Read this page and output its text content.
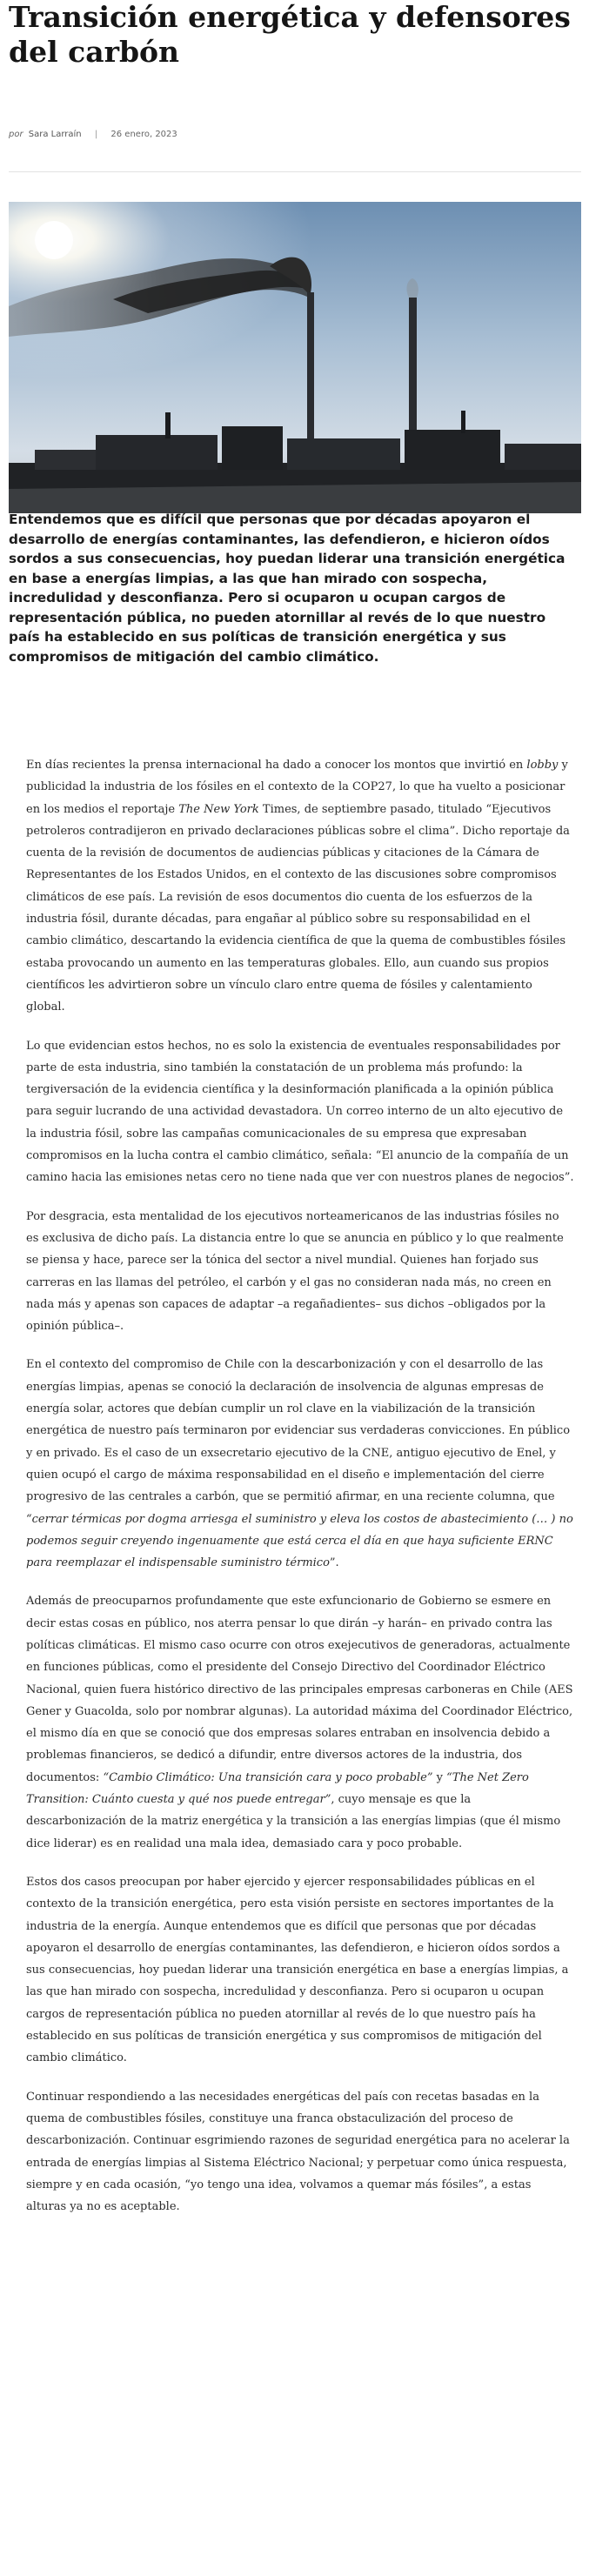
Transición energética y defensores del carbón
por Sara Larraín | 26 enero, 2023

Entendemos que es difícil que personas que por décadas apoyaron el desarrollo de energías contaminantes, las defendieron, e hicieron oídos sordos a sus consecuencias, hoy puedan liderar una transición energética en base a energías limpias, a las que han mirado con sospecha, incredulidad y desconfianza. Pero si ocuparon u ocupan cargos de representación pública, no pueden atornillar al revés de lo que nuestro país ha establecido en sus políticas de transición energética y sus compromisos de mitigación del cambio climático.

En días recientes la prensa internacional ha dado a conocer los montos que invirtió en lobby y publicidad la industria de los fósiles en el contexto de la COP27, lo que ha vuelto a posicionar en los medios el reportaje The New York Times, de septiembre pasado, titulado “Ejecutivos petroleros contradijeron en privado declaraciones públicas sobre el clima”. Dicho reportaje da cuenta de la revisión de documentos de audiencias públicas y citaciones de la Cámara de Representantes de los Estados Unidos, en el contexto de las discusiones sobre compromisos climáticos de ese país. La revisión de esos documentos dio cuenta de los esfuerzos de la industria fósil, durante décadas, para engañar al público sobre su responsabilidad en el cambio climático, descartando la evidencia científica de que la quema de combustibles fósiles estaba provocando un aumento en las temperaturas globales. Ello, aun cuando sus propios científicos les advirtieron sobre un vínculo claro entre quema de fósiles y calentamiento global.

Lo que evidencian estos hechos, no es solo la existencia de eventuales responsabilidades por parte de esta industria, sino también la constatación de un problema más profundo: la tergiversación de la evidencia científica y la desinformación planificada a la opinión pública para seguir lucrando de una actividad devastadora. Un correo interno de un alto ejecutivo de la industria fósil, sobre las campañas comunicacionales de su empresa que expresaban compromisos en la lucha contra el cambio climático, señala: “El anuncio de la compañía de un camino hacia las emisiones netas cero no tiene nada que ver con nuestros planes de negocios”.

Por desgracia, esta mentalidad de los ejecutivos norteamericanos de las industrias fósiles no es exclusiva de dicho país. La distancia entre lo que se anuncia en público y lo que realmente se piensa y hace, parece ser la tónica del sector a nivel mundial. Quienes han forjado sus carreras en las llamas del petróleo, el carbón y el gas no consideran nada más, no creen en nada más y apenas son capaces de adaptar –a regañadientes– sus dichos –obligados por la opinión pública–.

En el contexto del compromiso de Chile con la descarbonización y con el desarrollo de las energías limpias, apenas se conoció la declaración de insolvencia de algunas empresas de energía solar, actores que debían cumplir un rol clave en la viabilización de la transición energética de nuestro país terminaron por evidenciar sus verdaderas convicciones. En público y en privado. Es el caso de un exsecretario ejecutivo de la CNE, antiguo ejecutivo de Enel, y quien ocupó el cargo de máxima responsabilidad en el diseño e implementación del cierre progresivo de las centrales a carbón, que se permitió afirmar, en una reciente columna, que “cerrar térmicas por dogma arriesga el suministro y eleva los costos de abastecimiento (… ) no podemos seguir creyendo ingenuamente que está cerca el día en que haya suficiente ERNC para reemplazar el indispensable suministro térmico”.

Además de preocuparnos profundamente que este exfuncionario de Gobierno se esmere en decir estas cosas en público, nos aterra pensar lo que dirán –y harán– en privado contra las políticas climáticas. El mismo caso ocurre con otros exejecutivos de generadoras, actualmente en funciones públicas, como el presidente del Consejo Directivo del Coordinador Eléctrico Nacional, quien fuera histórico directivo de las principales empresas carboneras en Chile (AES Gener y Guacolda, solo por nombrar algunas). La autoridad máxima del Coordinador Eléctrico, el mismo día en que se conoció que dos empresas solares entraban en insolvencia debido a problemas financieros, se dedicó a difundir, entre diversos actores de la industria, dos documentos: “Cambio Climático: Una transición cara y poco probable” y “The Net Zero Transition: Cuánto cuesta y qué nos puede entregar”, cuyo mensaje es que la descarbonización de la matriz energética y la transición a las energías limpias (que él mismo dice liderar) es en realidad una mala idea, demasiado cara y poco probable.

Estos dos casos preocupan por haber ejercido y ejercer responsabilidades públicas en el contexto de la transición energética, pero esta visión persiste en sectores importantes de la industria de la energía. Aunque entendemos que es difícil que personas que por décadas apoyaron el desarrollo de energías contaminantes, las defendieron, e hicieron oídos sordos a sus consecuencias, hoy puedan liderar una transición energética en base a energías limpias, a las que han mirado con sospecha, incredulidad y desconfianza. Pero si ocuparon u ocupan cargos de representación pública no pueden atornillar al revés de lo que nuestro país ha establecido en sus políticas de transición energética y sus compromisos de mitigación del cambio climático.

Continuar respondiendo a las necesidades energéticas del país con recetas basadas en la quema de combustibles fósiles, constituye una franca obstaculización del proceso de descarbonización. Continuar esgrimiendo razones de seguridad energética para no acelerar la entrada de energías limpias al Sistema Eléctrico Nacional; y perpetuar como única respuesta, siempre y en cada ocasión, “yo tengo una idea, volvamos a quemar más fósiles”, a estas alturas ya no es aceptable.
